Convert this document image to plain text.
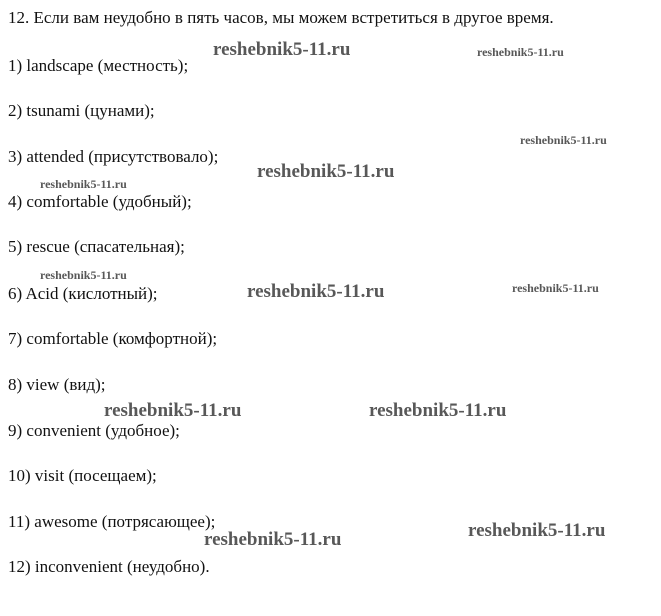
12. Если вам неудобно в пять часов, мы можем встретиться в другое время.

1) landscape (местность);

2) tsunami (цунами);

3) attended (присутствовало);

4) comfortable (удобный);

5) rescue (спасательная);

6) Acid (кислотный);

7) comfortable (комфортной);

8) view (вид);

9) convenient (удобное);

10) visit (посещаем);

11) awesome (потрясающее);

12) inconvenient (неудобно).

reshebnik5-11.ru	reshebnik5-11.ru
reshebnik5-11.ru
reshebnik5-11.ru
reshebnik5-11.ru
reshebnik5-11.ru
reshebnik5-11.ru	reshebnik5-11.ru
reshebnik5-11.ru	reshebnik5-11.ru
reshebnik5-11.ru
reshebnik5-11.ru
